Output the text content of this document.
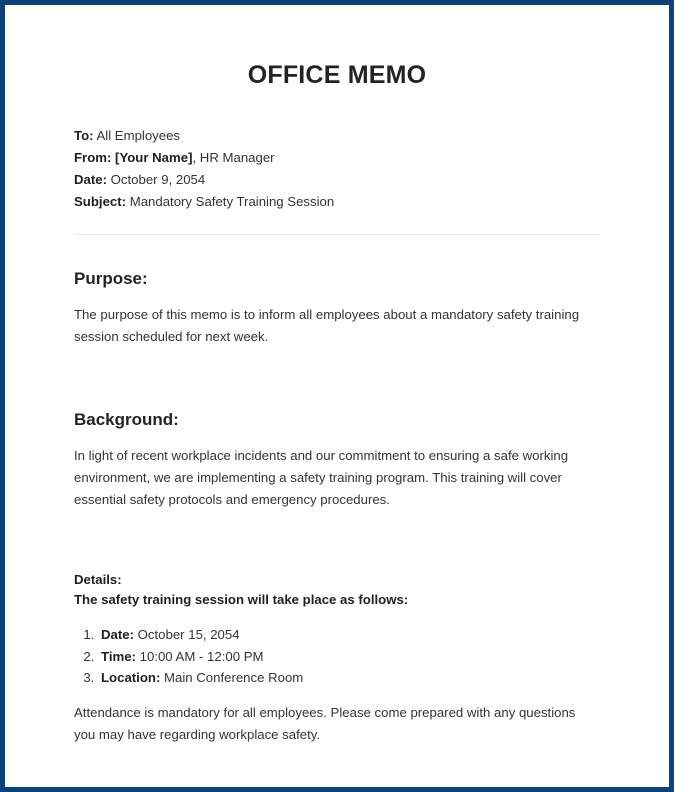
OFFICE MEMO
To: All Employees
From: [Your Name], HR Manager
Date: October 9, 2054
Subject: Mandatory Safety Training Session
Purpose:

The purpose of this memo is to inform all employees about a mandatory safety training session scheduled for next week.

Background:

In light of recent workplace incidents and our commitment to ensuring a safe working environment, we are implementing a safety training program. This training will cover essential safety protocols and emergency procedures.

Details:
The safety training session will take place as follows:
1. Date: October 15, 2054
2. Time: 10:00 AM - 12:00 PM
3. Location: Main Conference Room

Attendance is mandatory for all employees. Please come prepared with any questions you may have regarding workplace safety.
